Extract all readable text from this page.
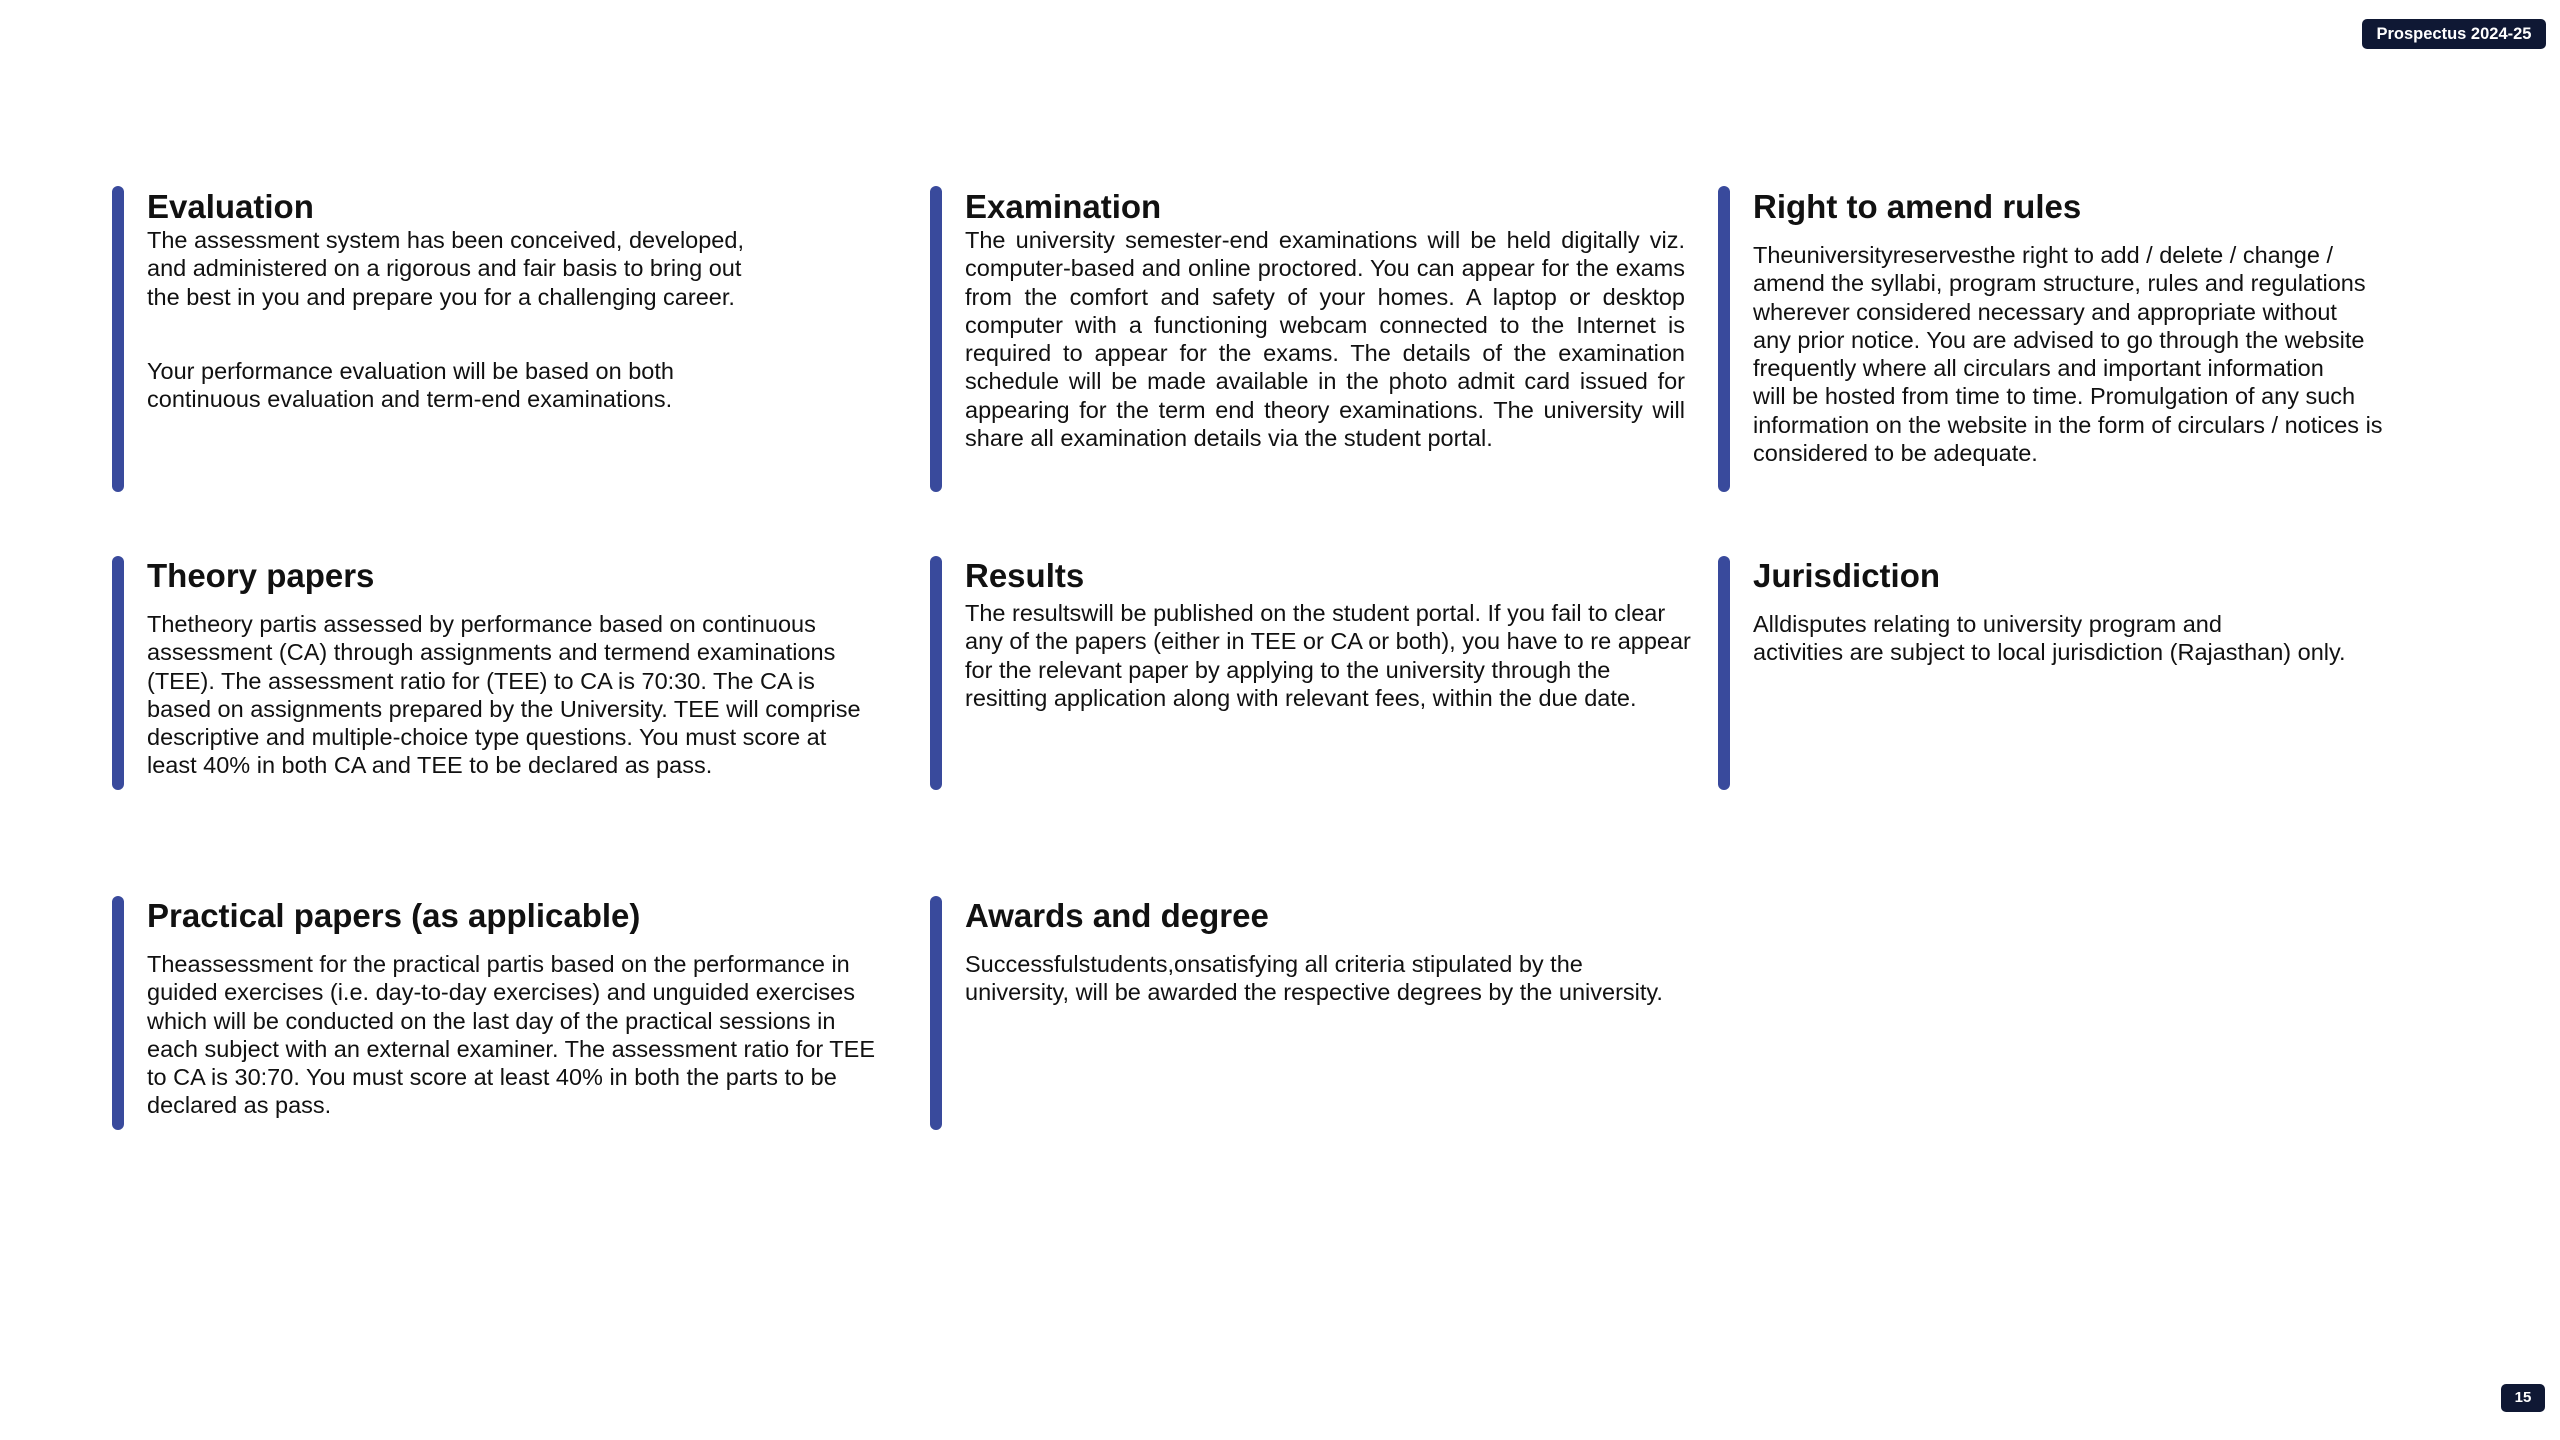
Prospectus 2024-25
Evaluation

The assessment system has been conceived, developed,
and administered on a rigorous and fair basis to bring out
the best in you and prepare you for a challenging career.

Your performance evaluation will be based on both
continuous evaluation and term-end examinations.

Examination

The university semester-end examinations will be held digitally viz. computer-based and online proctored. You can appear for the exams from the comfort and safety of your homes. A laptop or desktop computer with a functioning webcam connected to the Internet is required to appear for the exams. The details of the examination schedule will be made available in the photo admit card issued for appearing for the term end theory examinations. The university will share all examination details via the student portal.

Right to amend rules

Theuniversityreservesthe right to add / delete / change /
amend the syllabi, program structure, rules and regulations
wherever considered necessary and appropriate without
any prior notice. You are advised to go through the website
frequently where all circulars and important information
will be hosted from time to time. Promulgation of any such
information on the website in the form of circulars / notices is
considered to be adequate.

Theory papers

Thetheory partis assessed by performance based on continuous
assessment (CA) through assignments and termend examinations
(TEE). The assessment ratio for (TEE) to CA is 70:30. The CA is
based on assignments prepared by the University. TEE will comprise
descriptive and multiple-choice type questions. You must score at
least 40% in both CA and TEE to be declared as pass.

Results

The resultswill be published on the student portal. If you fail to clear
any of the papers (either in TEE or CA or both), you have to re appear
for the relevant paper by applying to the university through the
resitting application along with relevant fees, within the due date.

Jurisdiction

Alldisputes relating to university program and
activities are subject to local jurisdiction (Rajasthan) only.

Practical papers (as applicable)

Theassessment for the practical partis based on the performance in
guided exercises (i.e. day-to-day exercises) and unguided exercises
which will be conducted on the last day of the practical sessions in
each subject with an external examiner. The assessment ratio for TEE
to CA is 30:70. You must score at least 40% in both the parts to be
declared as pass.

Awards and degree

Successfulstudents,onsatisfying all criteria stipulated by the
university, will be awarded the respective degrees by the university.

15
